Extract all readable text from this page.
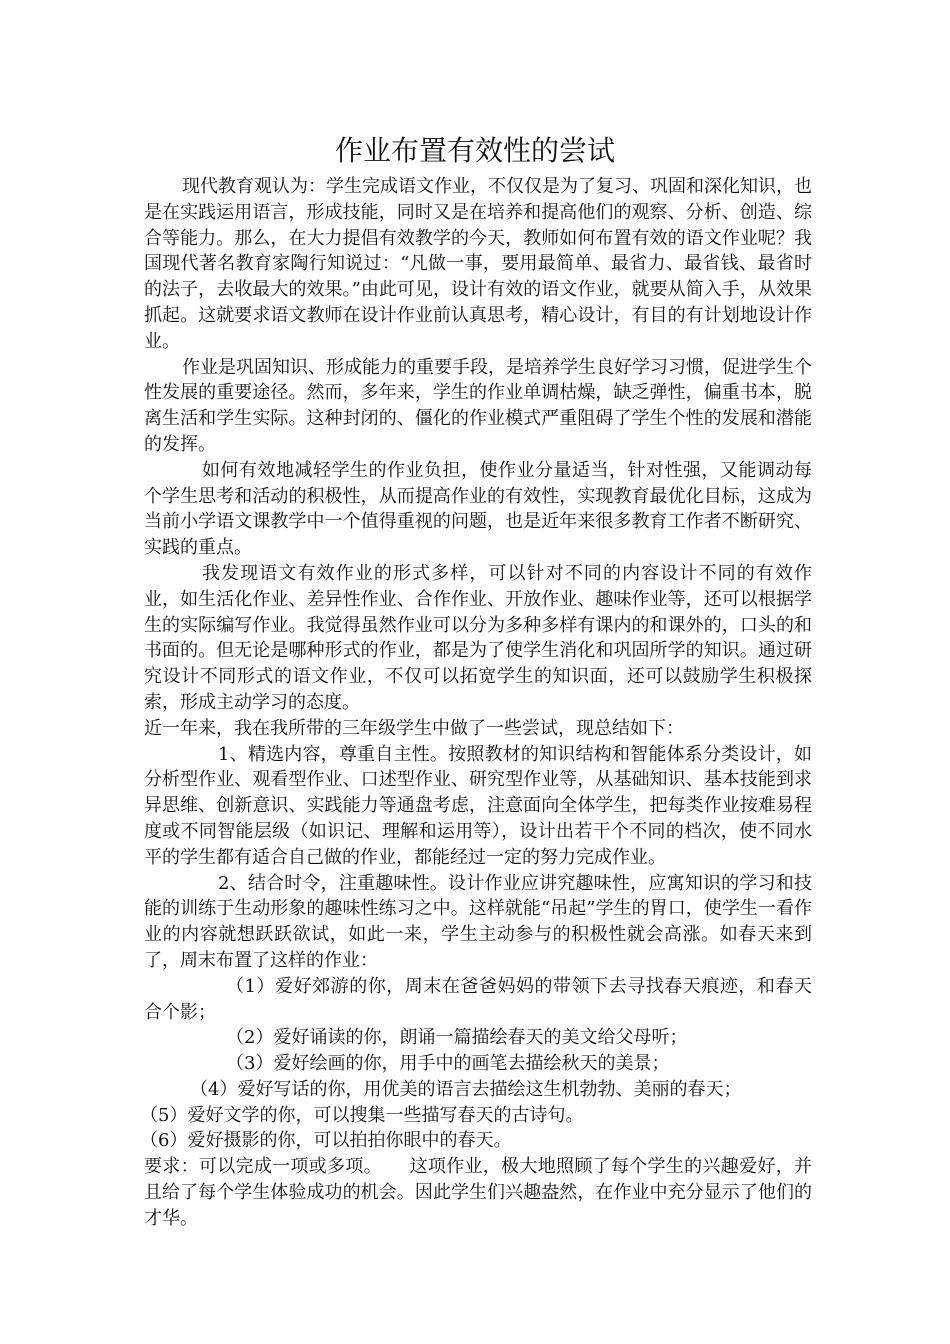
作业布置有效性的尝试

现代教育观认为：学生完成语文作业，不仅仅是为了复习、巩固和深化知识，也是在实践运用语言，形成技能，同时又是在培养和提高他们的观察、分析、创造、综合等能力。那么，在大力提倡有效教学的今天，教师如何布置有效的语文作业呢？我国现代著名教育家陶行知说过：“凡做一事，要用最简单、最省力、最省钱、最省时的法子，去收最大的效果。”由此可见，设计有效的语文作业，就要从简入手，从效果抓起。这就要求语文教师在设计作业前认真思考，精心设计，有目的有计划地设计作业。

作业是巩固知识、形成能力的重要手段，是培养学生良好学习习惯，促进学生个性发展的重要途径。然而，多年来，学生的作业单调枯燥，缺乏弹性，偏重书本，脱离生活和学生实际。这种封闭的、僵化的作业模式严重阻碍了学生个性的发展和潜能的发挥。

如何有效地减轻学生的作业负担，使作业分量适当，针对性强，又能调动每个学生思考和活动的积极性，从而提高作业的有效性，实现教育最优化目标，这成为当前小学语文课教学中一个值得重视的问题，也是近年来很多教育工作者不断研究、实践的重点。

我发现语文有效作业的形式多样，可以针对不同的内容设计不同的有效作业，如生活化作业、差异性作业、合作作业、开放作业、趣味作业等，还可以根据学生的实际编写作业。我觉得虽然作业可以分为多种多样有课内的和课外的，口头的和书面的。但无论是哪种形式的作业，都是为了使学生消化和巩固所学的知识。通过研究设计不同形式的语文作业，不仅可以拓宽学生的知识面，还可以鼓励学生积极探索，形成主动学习的态度。

近一年来，我在我所带的三年级学生中做了一些尝试，现总结如下：

1、精选内容，尊重自主性。按照教材的知识结构和智能体系分类设计，如分析型作业、观看型作业、口述型作业、研究型作业等，从基础知识、基本技能到求异思维、创新意识、实践能力等通盘考虑，注意面向全体学生，把每类作业按难易程度或不同智能层级（如识记、理解和运用等），设计出若干个不同的档次，使不同水平的学生都有适合自己做的作业，都能经过一定的努力完成作业。

2、结合时令，注重趣味性。设计作业应讲究趣味性，应寓知识的学习和技能的训练于生动形象的趣味性练习之中。这样就能“吊起”学生的胃口，使学生一看作业的内容就想跃跃欲试，如此一来，学生主动参与的积极性就会高涨。如春天来到了，周末布置了这样的作业：

（1）爱好郊游的你，周末在爸爸妈妈的带领下去寻找春天痕迹，和春天合个影；

（2）爱好诵读的你，朗诵一篇描绘春天的美文给父母听；

（3）爱好绘画的你，用手中的画笔去描绘秋天的美景；

（4）爱好写话的你，用优美的语言去描绘这生机勃勃、美丽的春天；

（5）爱好文学的你，可以搜集一些描写春天的古诗句。

（6）爱好摄影的你，可以拍拍你眼中的春天。

要求：可以完成一项或多项。　　这项作业，极大地照顾了每个学生的兴趣爱好，并且给了每个学生体验成功的机会。因此学生们兴趣盎然，在作业中充分显示了他们的才华。
